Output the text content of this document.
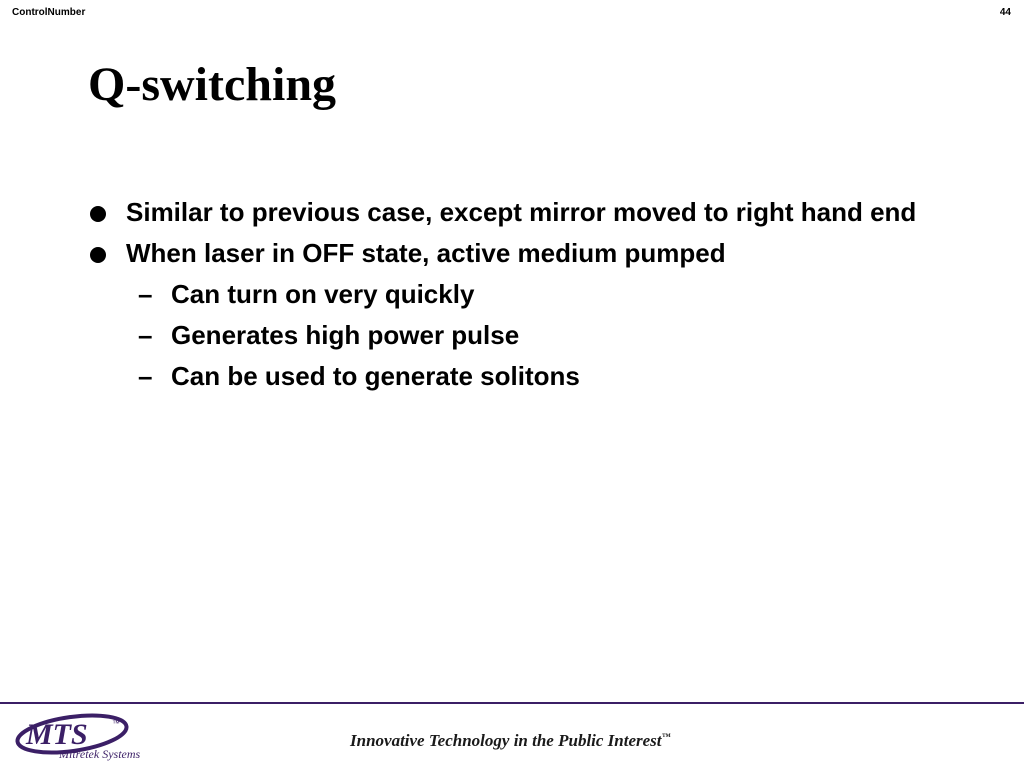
ControlNumber	44
Q-switching
Similar to previous case, except mirror moved to right hand end
When laser in OFF state, active medium pumped
– Can turn on very quickly
– Generates high power pulse
– Can be used to generate solitons
MTS	™
Mitretek Systems
Innovative Technology in the Public Interest™
